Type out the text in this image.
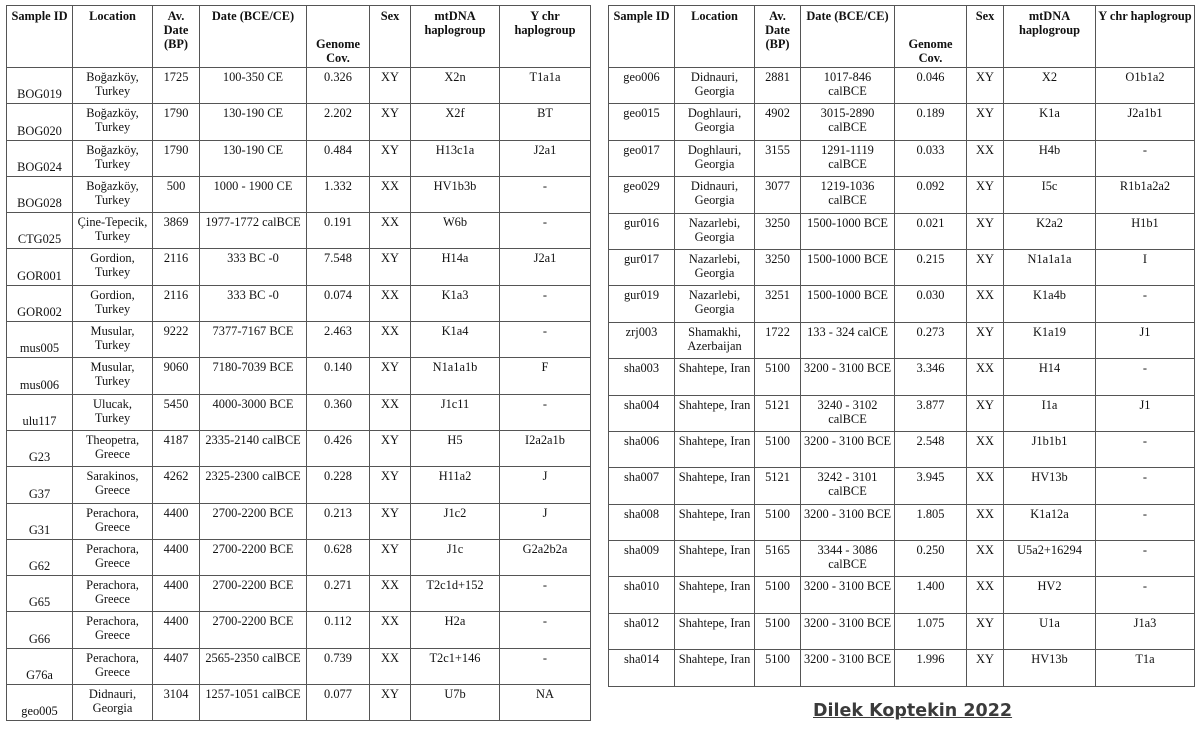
Sample ID	Location	Av. Date (BP)	Date (BCE/CE)	Genome Cov.	Sex	mtDNA haplogroup	Y chr haplogroup
BOG019	Boğazköy, Turkey	1725	100-350 CE	0.326	XY	X2n	T1a1a
BOG020	Boğazköy, Turkey	1790	130-190 CE	2.202	XY	X2f	BT
BOG024	Boğazköy, Turkey	1790	130-190 CE	0.484	XY	H13c1a	J2a1
BOG028	Boğazköy, Turkey	500	1000 - 1900 CE	1.332	XX	HV1b3b	-
CTG025	Çine-Tepecik, Turkey	3869	1977-1772 calBCE	0.191	XX	W6b	-
GOR001	Gordion, Turkey	2116	333 BC -0	7.548	XY	H14a	J2a1
GOR002	Gordion, Turkey	2116	333 BC -0	0.074	XX	K1a3	-
mus005	Musular, Turkey	9222	7377-7167 BCE	2.463	XX	K1a4	-
mus006	Musular, Turkey	9060	7180-7039 BCE	0.140	XY	N1a1a1b	F
ulu117	Ulucak, Turkey	5450	4000-3000 BCE	0.360	XX	J1c11	-
G23	Theopetra, Greece	4187	2335-2140 calBCE	0.426	XY	H5	I2a2a1b
G37	Sarakinos, Greece	4262	2325-2300 calBCE	0.228	XY	H11a2	J
G31	Perachora, Greece	4400	2700-2200 BCE	0.213	XY	J1c2	J
G62	Perachora, Greece	4400	2700-2200 BCE	0.628	XY	J1c	G2a2b2a
G65	Perachora, Greece	4400	2700-2200 BCE	0.271	XX	T2c1d+152	-
G66	Perachora, Greece	4400	2700-2200 BCE	0.112	XX	H2a	-
G76a	Perachora, Greece	4407	2565-2350 calBCE	0.739	XX	T2c1+146	-
geo005	Didnauri, Georgia	3104	1257-1051 calBCE	0.077	XY	U7b	NA
Sample ID	Location	Av. Date (BP)	Date (BCE/CE)	Genome Cov.	Sex	mtDNA haplogroup	Y chr haplogroup
geo006	Didnauri, Georgia	2881	1017-846 calBCE	0.046	XY	X2	O1b1a2
geo015	Doghlauri, Georgia	4902	3015-2890 calBCE	0.189	XY	K1a	J2a1b1
geo017	Doghlauri, Georgia	3155	1291-1119 calBCE	0.033	XX	H4b	-
geo029	Didnauri, Georgia	3077	1219-1036 calBCE	0.092	XY	I5c	R1b1a2a2
gur016	Nazarlebi, Georgia	3250	1500-1000 BCE	0.021	XY	K2a2	H1b1
gur017	Nazarlebi, Georgia	3250	1500-1000 BCE	0.215	XY	N1a1a1a	I
gur019	Nazarlebi, Georgia	3251	1500-1000 BCE	0.030	XX	K1a4b	-
zrj003	Shamakhi, Azerbaijan	1722	133 - 324 calCE	0.273	XY	K1a19	J1
sha003	Shahtepe, Iran	5100	3200 - 3100 BCE	3.346	XX	H14	-
sha004	Shahtepe, Iran	5121	3240 - 3102 calBCE	3.877	XY	I1a	J1
sha006	Shahtepe, Iran	5100	3200 - 3100 BCE	2.548	XX	J1b1b1	-
sha007	Shahtepe, Iran	5121	3242 - 3101 calBCE	3.945	XX	HV13b	-
sha008	Shahtepe, Iran	5100	3200 - 3100 BCE	1.805	XX	K1a12a	-
sha009	Shahtepe, Iran	5165	3344 - 3086 calBCE	0.250	XX	U5a2+16294	-
sha010	Shahtepe, Iran	5100	3200 - 3100 BCE	1.400	XX	HV2	-
sha012	Shahtepe, Iran	5100	3200 - 3100 BCE	1.075	XY	U1a	J1a3
sha014	Shahtepe, Iran	5100	3200 - 3100 BCE	1.996	XY	HV13b	T1a
Dilek Koptekin 2022
